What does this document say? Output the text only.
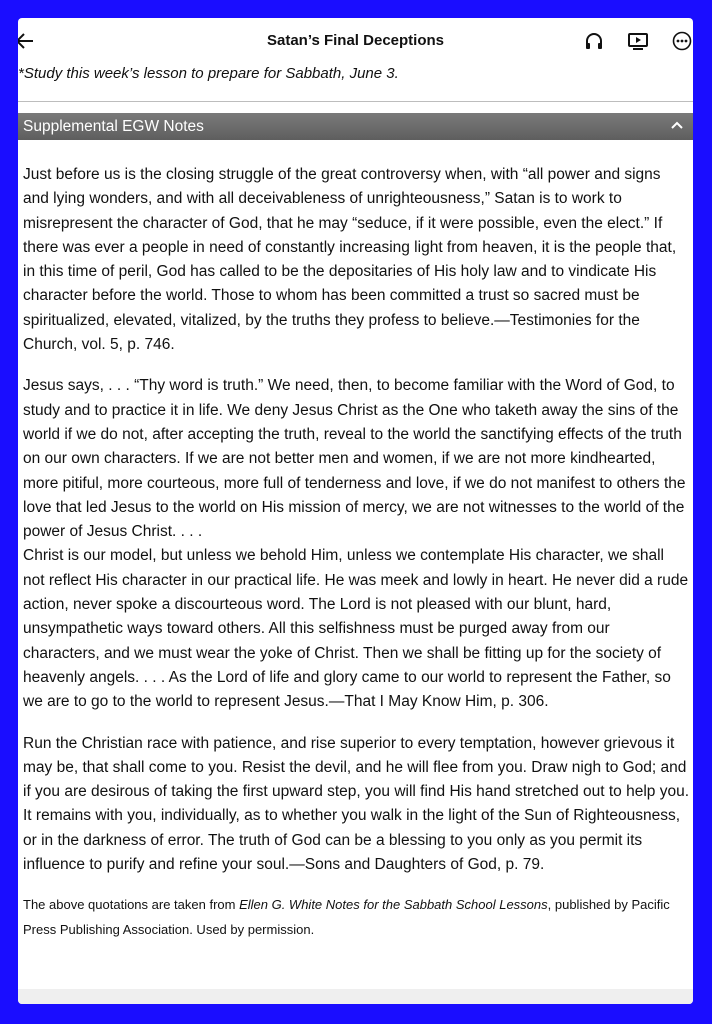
Satan’s Final Deceptions
*Study this week’s lesson to prepare for Sabbath, June 3.
Supplemental EGW Notes

Just before us is the closing struggle of the great controversy when, with “all power and signs and lying wonders, and with all deceivableness of unrighteousness,” Satan is to work to misrepresent the character of God, that he may “seduce, if it were possible, even the elect.” If there was ever a people in need of constantly increasing light from heaven, it is the people that, in this time of peril, God has called to be the depositaries of His holy law and to vindicate His character before the world. Those to whom has been committed a trust so sacred must be spiritualized, elevated, vitalized, by the truths they profess to believe.—Testimonies for the Church, vol. 5, p. 746.

Jesus says, . . . “Thy word is truth.” We need, then, to become familiar with the Word of God, to study and to practice it in life. We deny Jesus Christ as the One who taketh away the sins of the world if we do not, after accepting the truth, reveal to the world the sanctifying effects of the truth on our own characters. If we are not better men and women, if we are not more kindhearted, more pitiful, more courteous, more full of tenderness and love, if we do not manifest to others the love that led Jesus to the world on His mission of mercy, we are not witnesses to the world of the power of Jesus Christ. . . .

Christ is our model, but unless we behold Him, unless we contemplate His character, we shall not reflect His character in our practical life. He was meek and lowly in heart. He never did a rude action, never spoke a discourteous word. The Lord is not pleased with our blunt, hard, unsympathetic ways toward others. All this selfishness must be purged away from our characters, and we must wear the yoke of Christ. Then we shall be fitting up for the society of heavenly angels. . . . As the Lord of life and glory came to our world to represent the Father, so we are to go to the world to represent Jesus.—That I May Know Him, p. 306.

Run the Christian race with patience, and rise superior to every temptation, however grievous it may be, that shall come to you. Resist the devil, and he will flee from you. Draw nigh to God; and if you are desirous of taking the first upward step, you will find His hand stretched out to help you. It remains with you, individually, as to whether you walk in the light of the Sun of Righteousness, or in the darkness of error. The truth of God can be a blessing to you only as you permit its influence to purify and refine your soul.—Sons and Daughters of God, p. 79.

The above quotations are taken from Ellen G. White Notes for the Sabbath School Lessons, published by Pacific Press Publishing Association. Used by permission.
